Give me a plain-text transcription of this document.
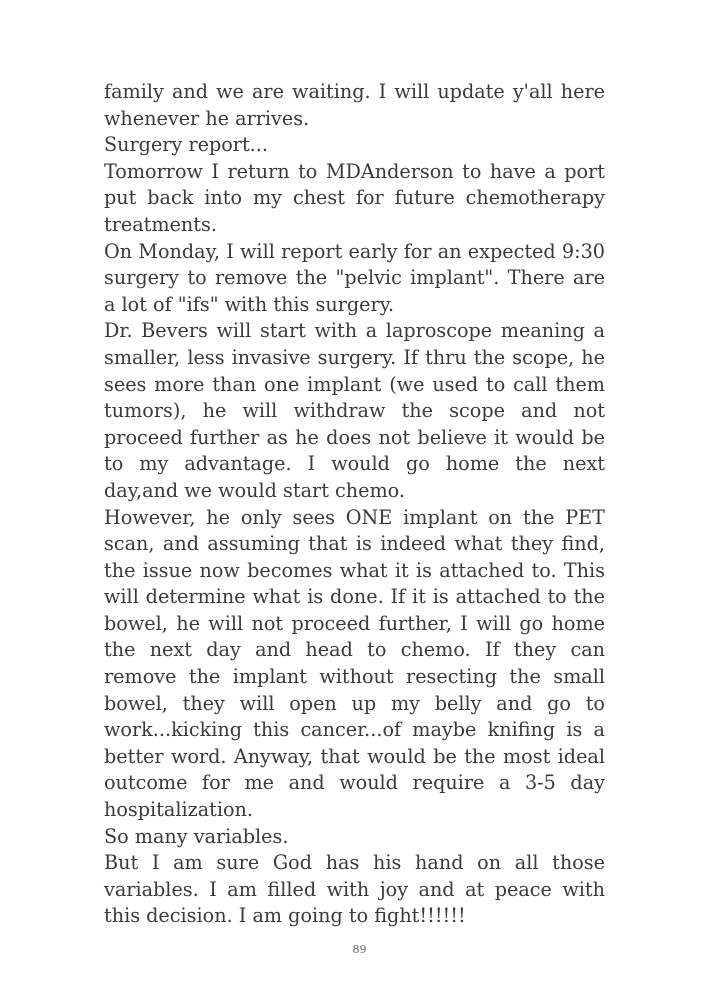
family and we are waiting. I will update y'all here whenever he arrives.

Surgery report...

Tomorrow I return to MDAnderson to have a port put back into my chest for future chemotherapy treatments.

On Monday, I will report early for an expected 9:30 surgery to remove the "pelvic implant". There are a lot of "ifs" with this surgery.

Dr. Bevers will start with a laproscope meaning a smaller, less invasive surgery. If thru the scope, he sees more than one implant (we used to call them tumors), he will withdraw the scope and not proceed further as he does not believe it would be to my advantage. I would go home the next day,and we would start chemo.

However, he only sees ONE implant on the PET scan, and assuming that is indeed what they find, the issue now becomes what it is attached to. This will determine what is done. If it is attached to the bowel, he will not proceed further, I will go home the next day and head to chemo. If they can remove the implant without resecting the small bowel, they will open up my belly and go to work...kicking this cancer...of maybe knifing is a better word. Anyway, that would be the most ideal outcome for me and would require a 3-5 day hospitalization.

So many variables.

But I am sure God has his hand on all those variables. I am filled with joy and at peace with this decision. I am going to fight!!!!!!

89
